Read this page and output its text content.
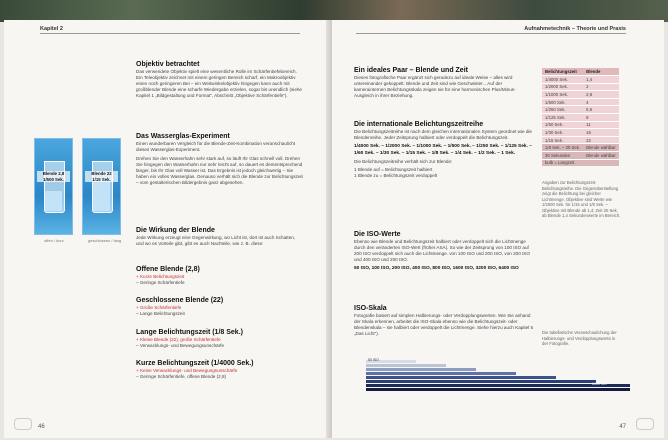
Kapitel 2

Objektiv betrachtet

Das verwendete Objektiv spielt eine wesentliche Rolle im Schärfentiefebereich. Ein Teleobjektiv zeichnet mit einem geringen Bereich scharf, ein Makroobjektiv einen noch geringeren Bei – ein Weitwinkelobjektiv hingegen kann auch mit großblender Blende eine scharfe Wiedergabe erzielen, sogar bis unendlich (siehe Kapitel 1 „Bildgestaltung und Format“, Abschnitt „Objektive Schärfentiefe“).

Das Wasserglas-Experiment

Einen wunderbaren Vergleich für die Blende-Zeit-Kombination veranschaulicht dieses Wasserglas-Experiment.

Drehen Sie den Wasserhahn sehr stark auf, so läuft Ihr Glas schnell voll. Drehen Sie hingegen den Wasserhahn nur sehr leicht auf, so dauert es dementsprechend länger, bis Ihr Glas voll Wasser ist. Das Ergebnis ist jedoch gleichwertig – Sie haben ein volles Wasserglas. Genauso verhält sich die Blende zur Belichtungszeit – vom gestalterischen Bildergebnis ganz abgesehen.

Blende 2,8
1/500 Sek.
Blende 22
1/15 Sek.
offen / kurz	geschlossen / lang

Die Wirkung der Blende

Jede Wirkung erzeugt eine Gegenwirkung, wo Licht ist, dort ist auch Schatten, und wo es Vorteile gibt, gibt es auch Nachteile, wie z. B. diese:

Offene Blende (2,8)

+ Kurze Belichtungszeit

– Geringe Schärfentiefe

Geschlossene Blende (22)

+ Große Schärfentiefe

– Lange Belichtungszeit

Lange Belichtungszeit (1/8 Sek.)

+ Kleine Blende (22), große Schärfentiefe

– Verwacklungs- und Bewegungsunschärfe

Kurze Belichtungszeit (1/4000 Sek.)

+ Keine Verwacklungs- und Bewegungsunschärfe

– Geringe Schärfentiefe, offene Blende (2,8)

46
Aufnahmetechnik – Theorie und Praxis

Ein ideales Paar – Blende und Zeit

Dieses fotografische Paar ergänzt sich geradezu auf ideale Weise – alles wird untereinander gekoppelt: Blende und Zeit sind wie Geschwister... Auf der kamerainternen Belichtungsskala zeigen sie für eine harmonischen Plus/Minus-Ausgleich in ihrer Beziehung.

Die internationale Belichtungszeitreihe

Die Belichtungszeitreihe ist nach dem gleichen internationalen System geordnet wie die Blendenreihe. Jeder Zeitsprung halbiert oder verdoppelt die Belichtungszeit.

1/4000 Sek. – 1/2000 Sek. – 1/1000 Sek. – 1/500 Sek. – 1/250 Sek. – 1/125 Sek. – 1/60 Sek. – 1/30 Sek. – 1/15 Sek. – 1/8 Sek. – 1/4 Sek. – 1/2 Sek. – 1 Sek.

Die Belichtungszeitreihe verhält sich zur Blende:

1 Blende auf = Belichtungszeit halbiert

1 Blende zu = Belichtungszeit verdoppelt

Die ISO-Werte

Ebenso wie Blende und Belichtungszeit halbiert oder verdoppelt sich die Lichtmenge durch den veränderten ISO-Wert (früher ASA). So wie der Zeitsprung von 100 ISO auf 200 ISO verdoppelt sich auch die Lichtmenge. von 100 ISO und 200 ISO, von 200 ISO und 400 ISO und 200 ISO.

50 ISO, 100 ISO, 200 ISO, 400 ISO, 800 ISO, 1600 ISO, 3200 ISO, 6400 ISO

ISO-Skala

Fotografie basiert auf simplen Halbierungs- oder Verdopplungswerten. Wie Sie anhand der Skala erkennen, arbeitet die ISO-Skala ebenso wie die Belichtungszeit- oder Blendenskala – sie halbiert oder verdoppelt die Lichtmenge. Siehe hierzu auch Kapitel 5 „Das Licht“).

50 ISO
6400 ISO
Belichtungszeit	Blende
1/4000 Sek.	1,4
1/2000 Sek.	2
1/1000 Sek.	2,8
1/500 Sek.	4
1/250 Sek.	5,6
1/125 Sek.	8
1/60 Sek.	11
1/30 Sek.	16
1/15 Sek.	22
1/8 Sek. – 30 Sek.	Blende wählbar
30 Sekunden	Blende wählbar
bulb = Langzeit	
Angaben zur Belichtungszeit-Belichtungsreihe. Die Gegenüberstellung zeigt die Belichtung bei gleicher Lichtmenge. Objektive sind Werte wie 1/2000 Sek. für 1/15 und 1/8 Sek. – Objektive mit Blende ab 1,4; Zeit 30 Sek. ab Blende 1,4 Sekundenwerte im Bereich.
Die tabellarische Veranschaulichung der Halbierungs- und Verdopplungswerte in der Fotografie.
47
